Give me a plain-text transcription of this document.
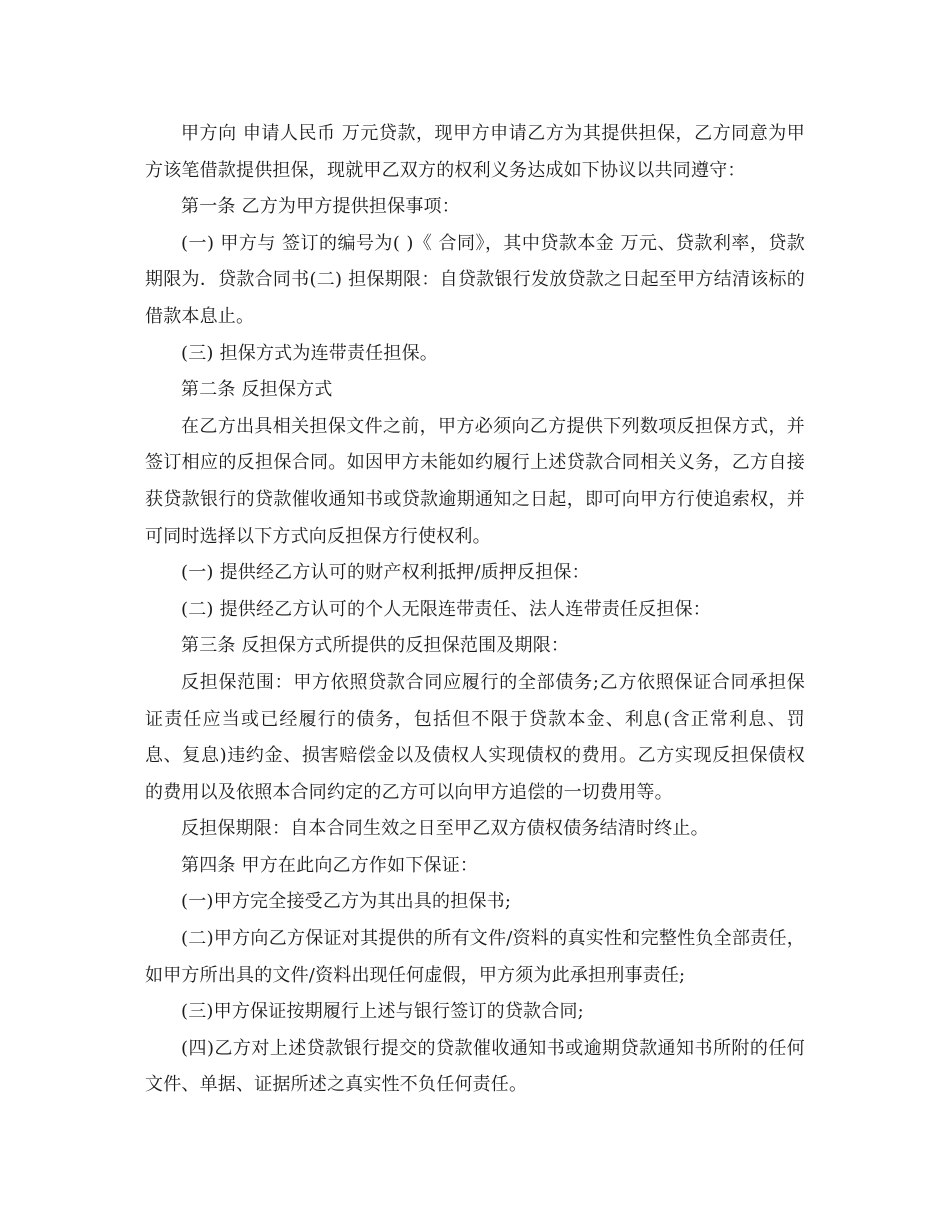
甲方向 申请人民币 万元贷款，现甲方申请乙方为其提供担保，乙方同意为甲方该笔借款提供担保，现就甲乙双方的权利义务达成如下协议以共同遵守：

第一条 乙方为甲方提供担保事项：

(一) 甲方与 签订的编号为( )《 合同》，其中贷款本金 万元、贷款利率，贷款期限为．贷款合同书(二) 担保期限：自贷款银行发放贷款之日起至甲方结清该标的借款本息止。

(三) 担保方式为连带责任担保。

第二条 反担保方式

在乙方出具相关担保文件之前，甲方必须向乙方提供下列数项反担保方式，并签订相应的反担保合同。如因甲方未能如约履行上述贷款合同相关义务，乙方自接获贷款银行的贷款催收通知书或贷款逾期通知之日起，即可向甲方行使追索权，并可同时选择以下方式向反担保方行使权利。

(一) 提供经乙方认可的财产权利抵押/质押反担保：

(二) 提供经乙方认可的个人无限连带责任、法人连带责任反担保：

第三条 反担保方式所提供的反担保范围及期限：

反担保范围：甲方依照贷款合同应履行的全部债务;乙方依照保证合同承担保证责任应当或已经履行的债务，包括但不限于贷款本金、利息(含正常利息、罚息、复息)违约金、损害赔偿金以及债权人实现债权的费用。乙方实现反担保债权的费用以及依照本合同约定的乙方可以向甲方追偿的一切费用等。

反担保期限：自本合同生效之日至甲乙双方债权债务结清时终止。

第四条 甲方在此向乙方作如下保证：

(一)甲方完全接受乙方为其出具的担保书;

(二)甲方向乙方保证对其提供的所有文件/资料的真实性和完整性负全部责任，如甲方所出具的文件/资料出现任何虚假，甲方须为此承担刑事责任;

(三)甲方保证按期履行上述与银行签订的贷款合同;

(四)乙方对上述贷款银行提交的贷款催收通知书或逾期贷款通知书所附的任何文件、单据、证据所述之真实性不负任何责任。
